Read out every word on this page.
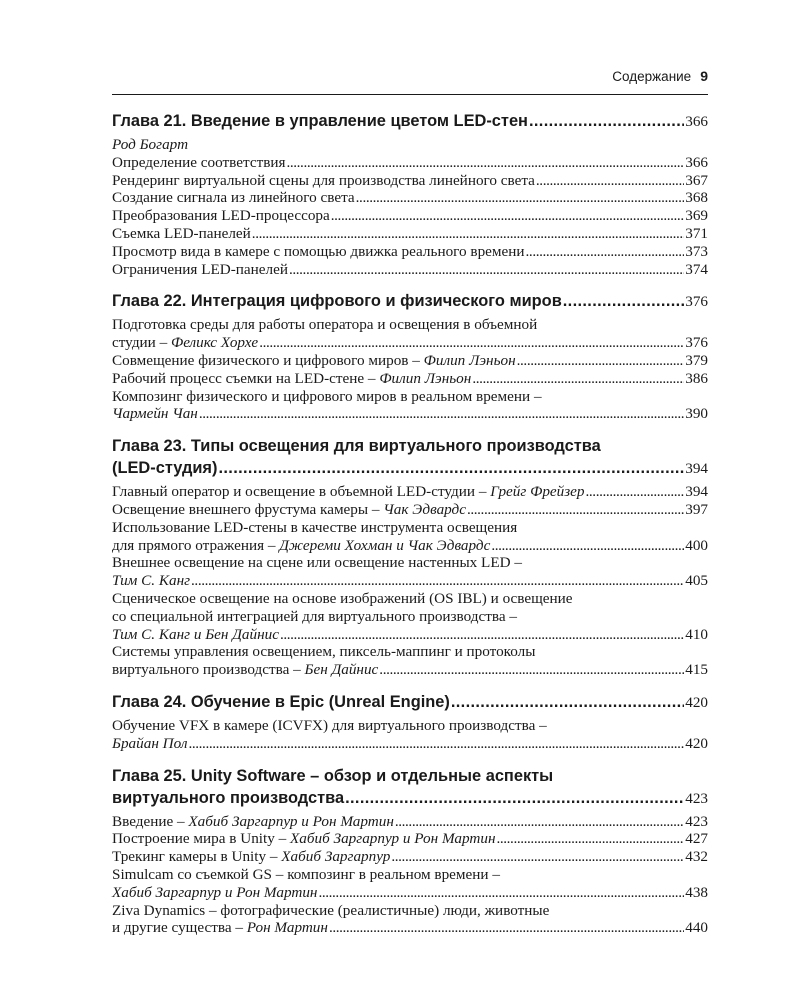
Содержание 9
Глава 21. Введение в управление цветом LED-стен . . .	366
Род Богарт
Определение соответствия . . .	366
Рендеринг виртуальной сцены для производства линейного света . . .	367
Создание сигнала из линейного света . . .	368
Преобразования LED-процессора . . .	369
Съемка LED-панелей . . .	371
Просмотр вида в камере с помощью движка реального времени . . .	373
Ограничения LED-панелей . . .	374
Глава 22. Интеграция цифрового и физического миров . . .	376
Подготовка среды для работы оператора и освещения в объемной
студии – Феликс Хорхе . . .	376
Совмещение физического и цифрового миров – Филип Лэньон . . .	379
Рабочий процесс съемки на LED-стене – Филип Лэньон . . .	386
Композинг физического и цифрового миров в реальном времени –
Чармейн Чан . . .	390
Глава 23. Типы освещения для виртуального производства
(LED-студия) . . .	394
Главный оператор и освещение в объемной LED-студии – Грейг Фрейзер . . .	394
Освещение внешнего фрустума камеры – Чак Эдвардс . . .	397
Использование LED-стены в качестве инструмента освещения
для прямого отражения – Джереми Хохман и Чак Эдвардс . . .	400
Внешнее освещение на сцене или освещение настенных LED –
Тим С. Канг . . .	405
Сценическое освещение на основе изображений (OS IBL) и освещение
со специальной интеграцией для виртуального производства –
Тим С. Канг и Бен Дайнис . . .	410
Системы управления освещением, пиксель-маппинг и протоколы
виртуального производства – Бен Дайнис . . .	415
Глава 24. Обучение в Epic (Unreal Engine) . . .	420
Обучение VFX в камере (ICVFX) для виртуального производства –
Брайан Пол . . .	420
Глава 25. Unity Software – обзор и отдельные аспекты
виртуального производства . . .	423
Введение – Хабиб Заргарпур и Рон Мартин . . .	423
Построение мира в Unity – Хабиб Заргарпур и Рон Мартин . . .	427
Трекинг камеры в Unity – Хабиб Заргарпур . . .	432
Simulcam со съемкой GS – композинг в реальном времени –
Хабиб Заргарпур и Рон Мартин . . .	438
Ziva Dynamics – фотографические (реалистичные) люди, животные
и другие существа – Рон Мартин . . .	440
